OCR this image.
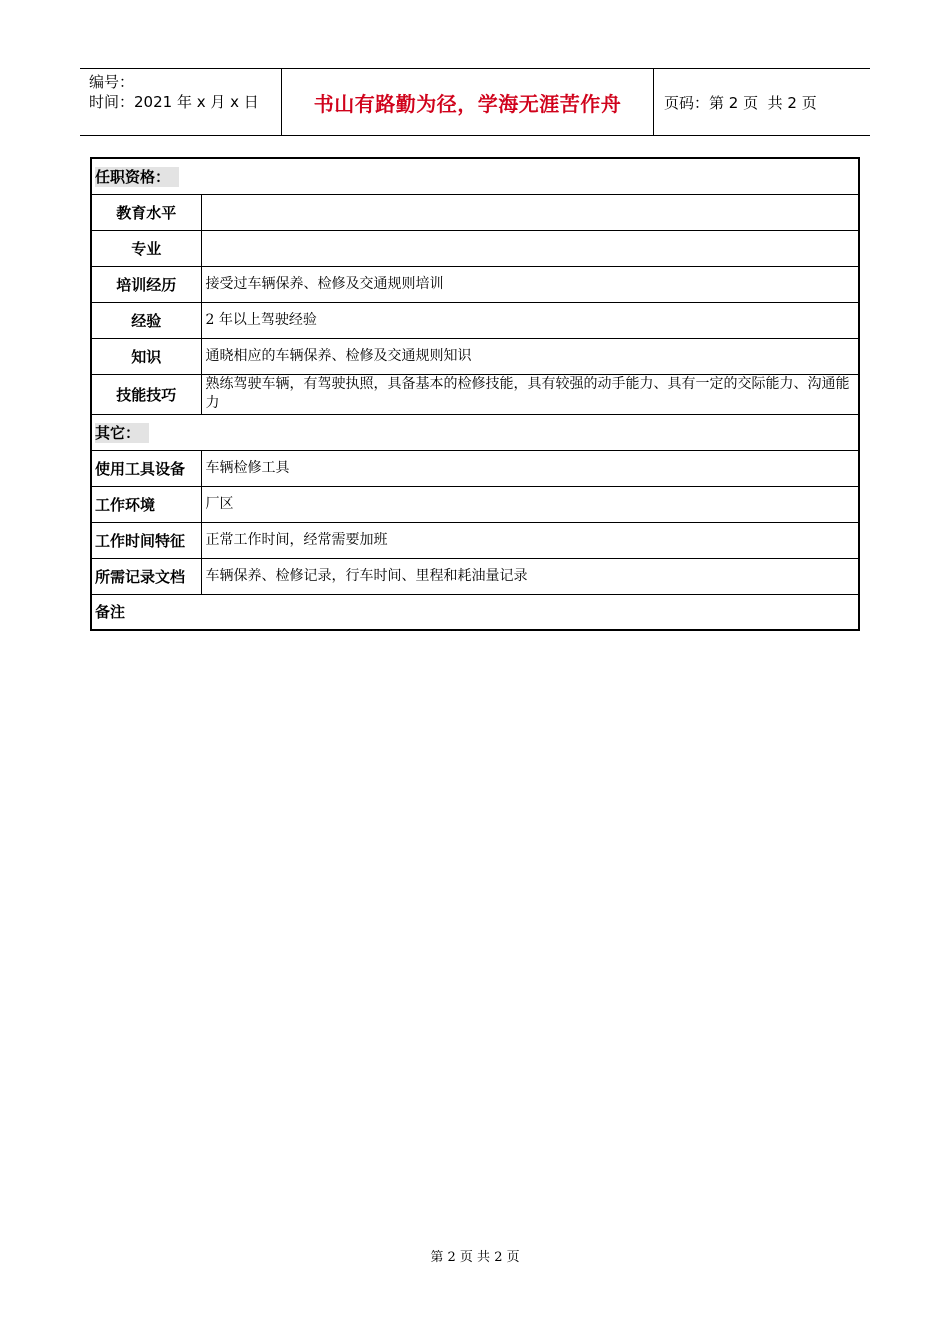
编号：
时间：2021 年 x 月 x 日	书山有路勤为径，学海无涯苦作舟	页码：第 2 页  共 2 页
任职资格：	
教育水平	
专业	
培训经历	接受过车辆保养、检修及交通规则培训
经验	2 年以上驾驶经验
知识	通晓相应的车辆保养、检修及交通规则知识
技能技巧	熟练驾驶车辆，有驾驶执照，具备基本的检修技能，具有较强的动手能力、具有一定的交际能力、沟通能力
其它：	
使用工具设备	车辆检修工具
工作环境	厂区
工作时间特征	正常工作时间，经常需要加班
所需记录文档	车辆保养、检修记录，行车时间、里程和耗油量记录
备注	
第 2 页 共 2 页
